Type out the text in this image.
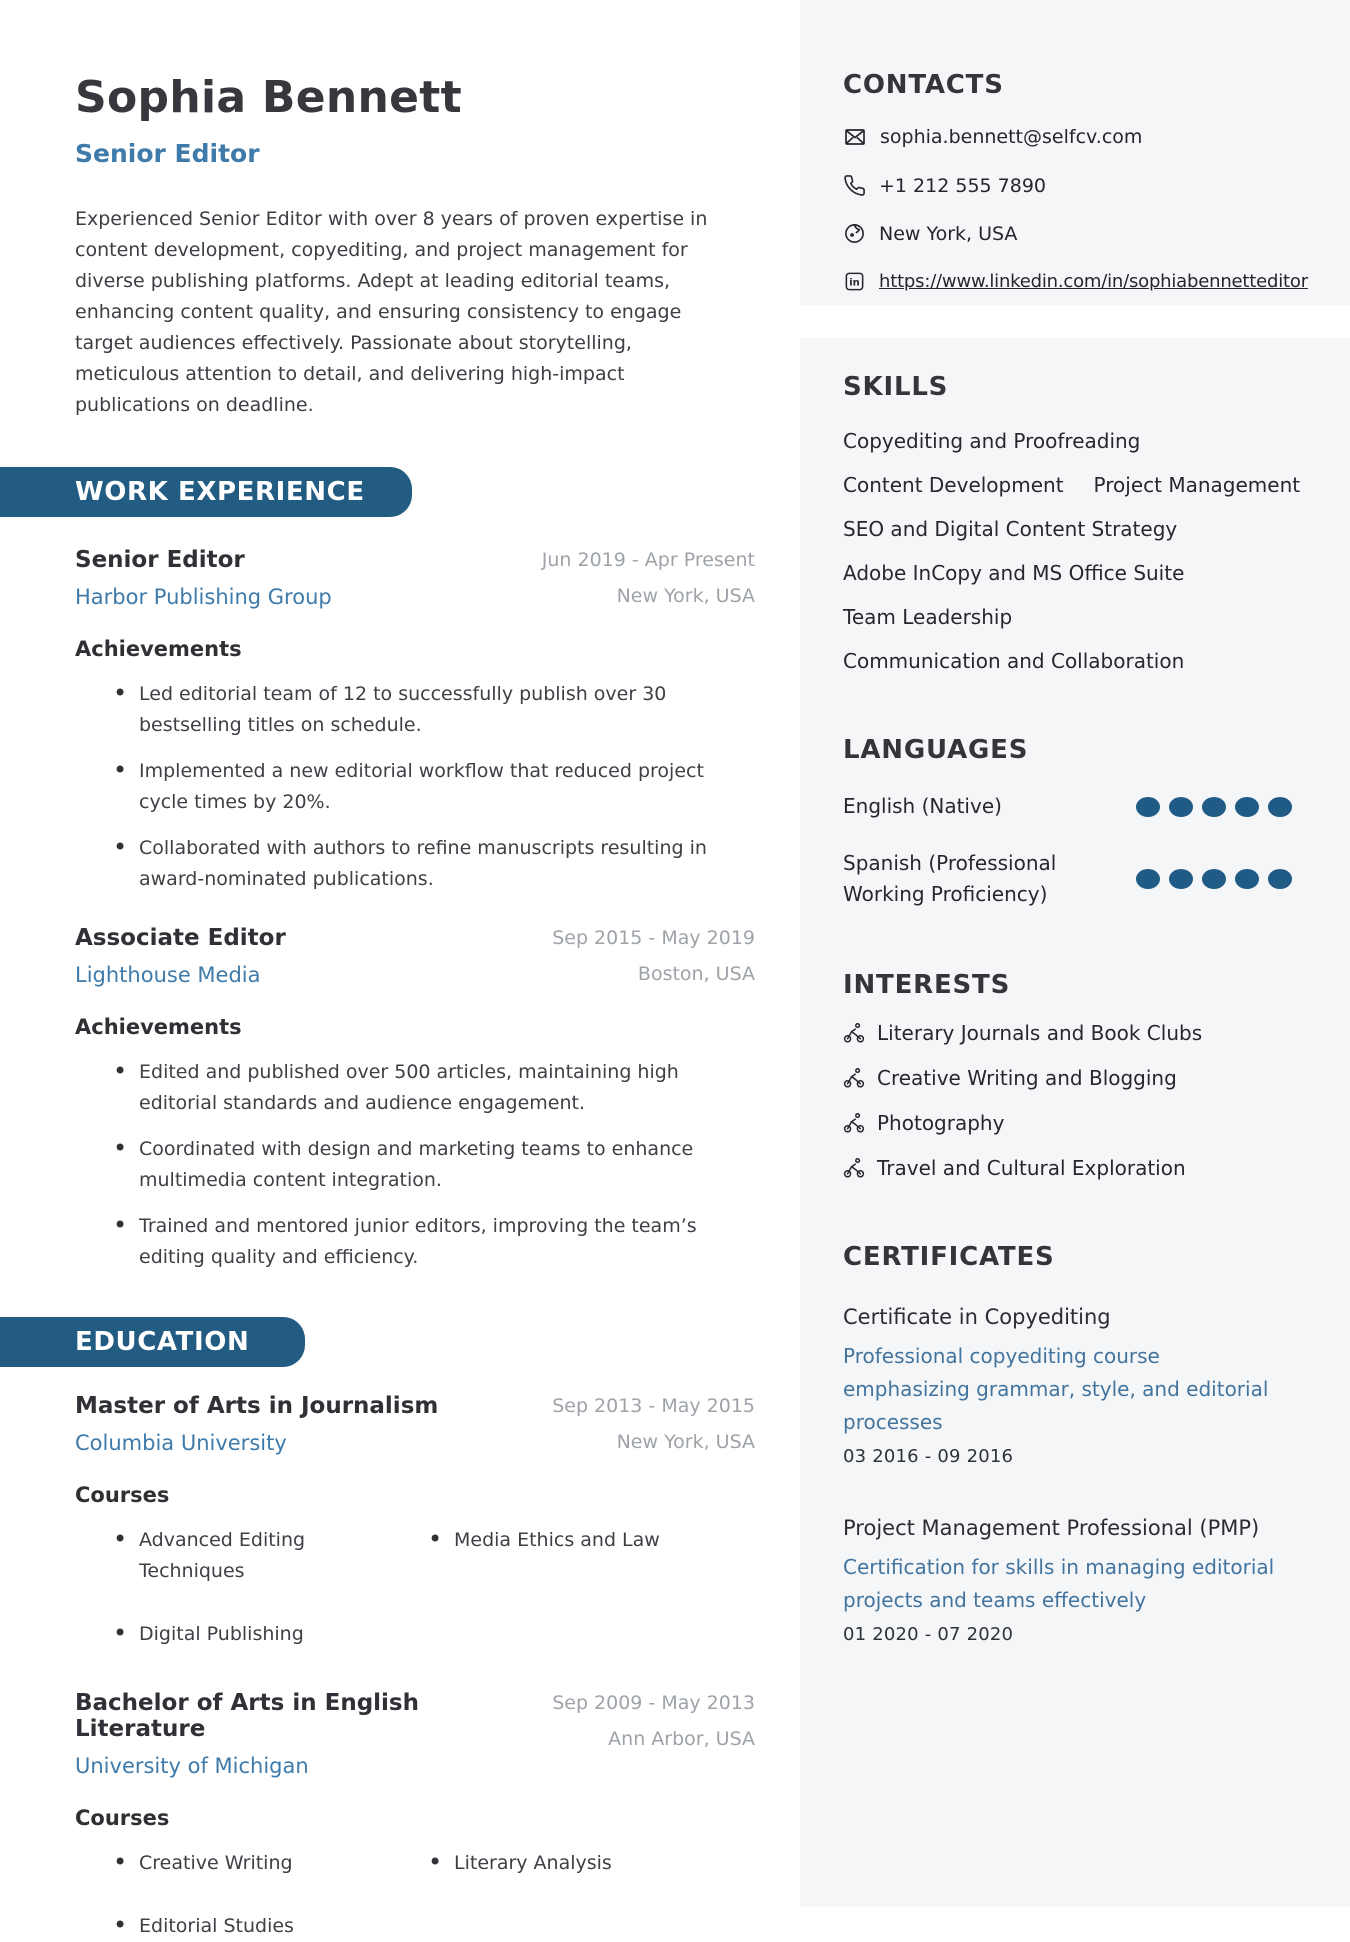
Sophia Bennett
Senior Editor
Experienced Senior Editor with over 8 years of proven expertise in content development, copyediting, and project management for diverse publishing platforms. Adept at leading editorial teams, enhancing content quality, and ensuring consistency to engage target audiences effectively. Passionate about storytelling, meticulous attention to detail, and delivering high-impact publications on deadline.
WORK EXPERIENCE
Senior Editor
Harbor Publishing Group
Jun 2019 - Apr Present
New York, USA
Achievements
• Led editorial team of 12 to successfully publish over 30 bestselling titles on schedule.
• Implemented a new editorial workflow that reduced project cycle times by 20%.
• Collaborated with authors to refine manuscripts resulting in award-nominated publications.
Associate Editor
Lighthouse Media
Sep 2015 - May 2019
Boston, USA
Achievements
• Edited and published over 500 articles, maintaining high editorial standards and audience engagement.
• Coordinated with design and marketing teams to enhance multimedia content integration.
• Trained and mentored junior editors, improving the team’s editing quality and efficiency.
EDUCATION
Master of Arts in Journalism
Columbia University
Sep 2013 - May 2015
New York, USA
Courses
• Advanced Editing Techniques
• Media Ethics and Law
• Digital Publishing
Bachelor of Arts in English Literature
University of Michigan
Sep 2009 - May 2013
Ann Arbor, USA
Courses
• Creative Writing	• Literary Analysis
• Editorial Studies
CONTACTS
sophia.bennett@selfcv.com
+1 212 555 7890
New York, USA
in https://www.linkedin.com/in/sophiabennetteditor
SKILLS
Copyediting and Proofreading
Content Development Project Management
SEO and Digital Content Strategy
Adobe InCopy and MS Office Suite
Team Leadership
Communication and Collaboration
LANGUAGES
English (Native)
Spanish (Professional Working Proficiency)
INTERESTS
Literary Journals and Book Clubs
Creative Writing and Blogging
Photography
Travel and Cultural Exploration
CERTIFICATES
Certificate in Copyediting
Professional copyediting course emphasizing grammar, style, and editorial processes
03 2016 - 09 2016
Project Management Professional (PMP)
Certification for skills in managing editorial projects and teams effectively
01 2020 - 07 2020
